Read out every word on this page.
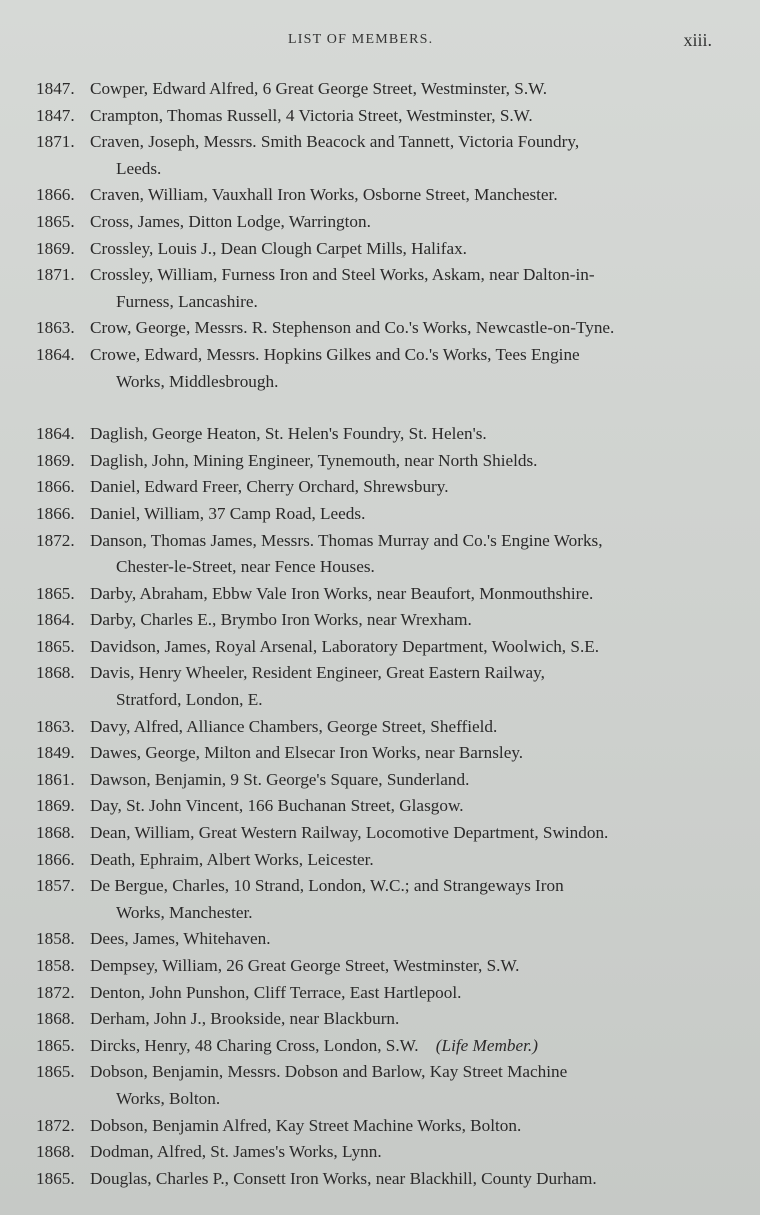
LIST OF MEMBERS.	xiii.
1847. Cowper, Edward Alfred, 6 Great George Street, Westminster, S.W.
1847. Crampton, Thomas Russell, 4 Victoria Street, Westminster, S.W.
1871. Craven, Joseph, Messrs. Smith Beacock and Tannett, Victoria Foundry,
Leeds.
1866. Craven, William, Vauxhall Iron Works, Osborne Street, Manchester.
1865. Cross, James, Ditton Lodge, Warrington.
1869. Crossley, Louis J., Dean Clough Carpet Mills, Halifax.
1871. Crossley, William, Furness Iron and Steel Works, Askam, near Dalton-in-
Furness, Lancashire.
1863. Crow, George, Messrs. R. Stephenson and Co.'s Works, Newcastle-on-Tyne.
1864. Crowe, Edward, Messrs. Hopkins Gilkes and Co.'s Works, Tees Engine
Works, Middlesbrough.
1864. Daglish, George Heaton, St. Helen's Foundry, St. Helen's.
1869. Daglish, John, Mining Engineer, Tynemouth, near North Shields.
1866. Daniel, Edward Freer, Cherry Orchard, Shrewsbury.
1866. Daniel, William, 37 Camp Road, Leeds.
1872. Danson, Thomas James, Messrs. Thomas Murray and Co.'s Engine Works,
Chester-le-Street, near Fence Houses.
1865. Darby, Abraham, Ebbw Vale Iron Works, near Beaufort, Monmouthshire.
1864. Darby, Charles E., Brymbo Iron Works, near Wrexham.
1865. Davidson, James, Royal Arsenal, Laboratory Department, Woolwich, S.E.
1868. Davis, Henry Wheeler, Resident Engineer, Great Eastern Railway,
Stratford, London, E.
1863. Davy, Alfred, Alliance Chambers, George Street, Sheffield.
1849. Dawes, George, Milton and Elsecar Iron Works, near Barnsley.
1861. Dawson, Benjamin, 9 St. George's Square, Sunderland.
1869. Day, St. John Vincent, 166 Buchanan Street, Glasgow.
1868. Dean, William, Great Western Railway, Locomotive Department, Swindon.
1866. Death, Ephraim, Albert Works, Leicester.
1857. De Bergue, Charles, 10 Strand, London, W.C.; and Strangeways Iron
Works, Manchester.
1858. Dees, James, Whitehaven.
1858. Dempsey, William, 26 Great George Street, Westminster, S.W.
1872. Denton, John Punshon, Cliff Terrace, East Hartlepool.
1868. Derham, John J., Brookside, near Blackburn.
1865. Dircks, Henry, 48 Charing Cross, London, S.W.  (Life Member.)
1865. Dobson, Benjamin, Messrs. Dobson and Barlow, Kay Street Machine
Works, Bolton.
1872. Dobson, Benjamin Alfred, Kay Street Machine Works, Bolton.
1868. Dodman, Alfred, St. James's Works, Lynn.
1865. Douglas, Charles P., Consett Iron Works, near Blackhill, County Durham.
